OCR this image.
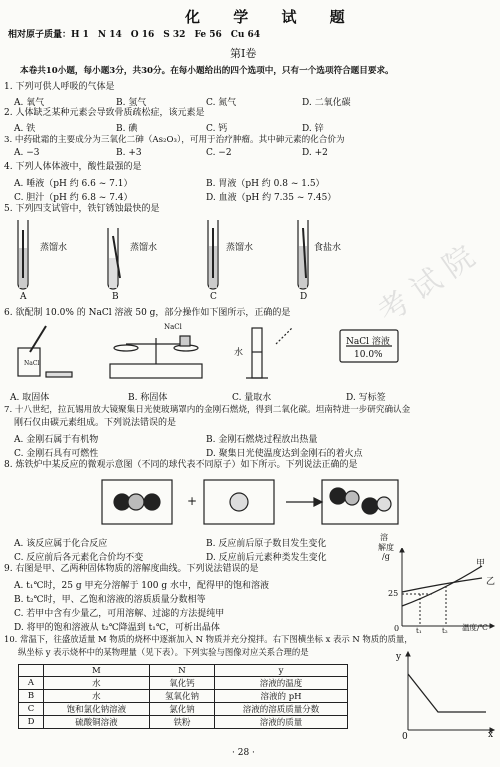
化 学 试 题
相对原子质量：H 1　N 14　O 16　S 32　Fe 56　Cu 64
第Ⅰ卷
本卷共10小题，每小题3分，共30分。在每小题给出的四个选项中，只有一个选项符合题目要求。
1. 下列可供人呼吸的气体是
A. 氧气	B. 氢气	C. 氮气	D. 二氧化碳
2. 人体缺乏某种元素会导致骨质疏松症，该元素是
A. 铁	B. 碘	C. 钙	D. 锌
3. 中药砒霜的主要成分为三氧化二砷（As₂O₃），可用于治疗肿瘤。其中砷元素的化合价为
A. −3	B. +3	C. −2	D. +2
4. 下列人体体液中，酸性最强的是
A. 唾液（pH 约 6.6 ~ 7.1）	B. 胃液（pH 约 0.8 ~ 1.5）
C. 胆汁（pH 约 6.8 ~ 7.4）	D. 血液（pH 约 7.35 ~ 7.45）
5. 下列四支试管中，铁钉锈蚀最快的是
蒸馏水	蒸馏水	蒸馏水	食盐水
A	B	C	D 考 试 院
6. 欲配制 10.0% 的 NaCl 溶液 50 g，部分操作如下图所示，正确的是
NaCl
NaCl
水
NaCl 溶液
10.0%
A. 取固体	B. 称固体	C. 量取水	D. 写标签
7. 十八世纪，拉瓦锡用放大镜聚集日光使玻璃罩内的金刚石燃烧，得到二氧化碳。坦南特进一步研究确认金
刚石仅由碳元素组成。下列说法错误的是
A. 金刚石属于有机物	B. 金刚石燃烧过程放出热量
C. 金刚石具有可燃性	D. 聚集日光使温度达到金刚石的着火点
8. 炼铁炉中某反应的微观示意图（不同的球代表不同原子）如下所示。下列说法正确的是
+
A. 该反应属于化合反应	B. 反应前后原子数目发生变化
C. 反应前后各元素化合价均不变	D. 反应前后元素种类发生变化
9. 右图是甲、乙两种固体物质的溶解度曲线。下列说法错误的是
A. t₁℃时，25 g 甲充分溶解于 100 g 水中，配得甲的饱和溶液
B. t₂℃时，甲、乙饱和溶液的溶质质量分数相等
C. 若甲中含有少量乙，可用溶解、过滤的方法提纯甲
D. 将甲的饱和溶液从 t₂℃降温到 t₁℃，可析出晶体
溶
解度
/g
甲
乙
25
0 t₁	t₂ 温度/℃
10. 常温下，往盛放适量 M 物质的烧杯中逐渐加入 N 物质并充分搅拌。右下图横坐标 x 表示 N 物质的质量，
纵坐标 y 表示烧杯中的某物理量（见下表）。下列实验与图像对应关系合理的是
	M	N	y
A	水	氧化钙	溶液的温度
B	水	氢氧化钠	溶液的 pH
C	饱和氯化钠溶液	氯化钠	溶液的溶质质量分数
D	硫酸铜溶液	铁粉	溶液的质量
y
x
0
· 28 ·
